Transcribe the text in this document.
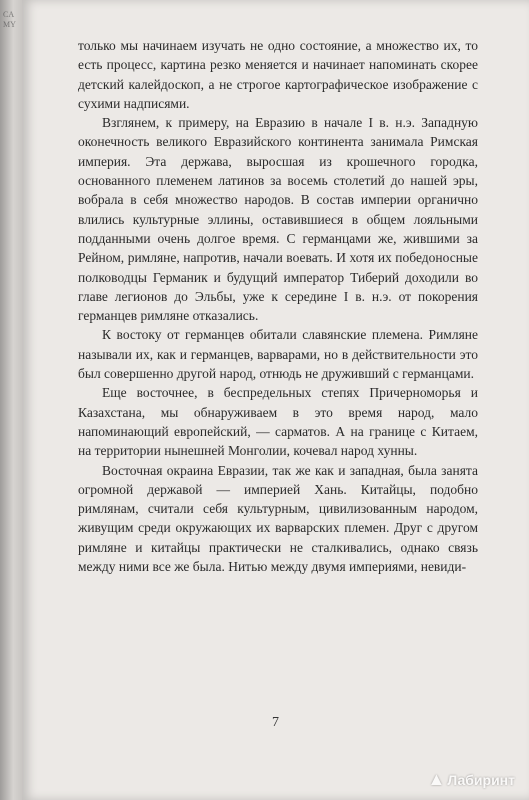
CAMY

только мы начинаем изучать не одно состояние, а множество их, то есть процесс, картина резко меняется и начинает напоминать скорее детский калейдоскоп, а не строгое картографическое изображение с сухими надписями.

Взглянем, к примеру, на Евразию в начале I в. н.э. Западную оконечность великого Евразийского континента занимала Римская империя. Эта держава, выросшая из крошечного городка, основанного племенем латинов за восемь столетий до нашей эры, вобрала в себя множество народов. В состав империи органично влились культурные эллины, оставившиеся в общем лояльными подданными очень долгое время. С германцами же, жившими за Рейном, римляне, напротив, начали воевать. И хотя их победоносные полководцы Германик и будущий император Тиберий доходили во главе легионов до Эльбы, уже к середине I в. н.э. от покорения германцев римляне отказались.

К востоку от германцев обитали славянские племена. Римляне называли их, как и германцев, варварами, но в действительности это был совершенно другой народ, отнюдь не друживший с германцами.

Еще восточнее, в беспредельных степях Причерноморья и Казахстана, мы обнаруживаем в это время народ, мало напоминающий европейский, — сарматов. А на границе с Китаем, на территории нынешней Монголии, кочевал народ хунны.

Восточная окраина Евразии, так же как и западная, была занята огромной державой — империей Хань. Китайцы, подобно римлянам, считали себя культурным, цивилизованным народом, живущим среди окружающих их варварских племен. Друг с другом римляне и китайцы практически не сталкивались, однако связь между ними все же была. Нитью между двумя империями, невиди-

7
▲ Лабиринт
